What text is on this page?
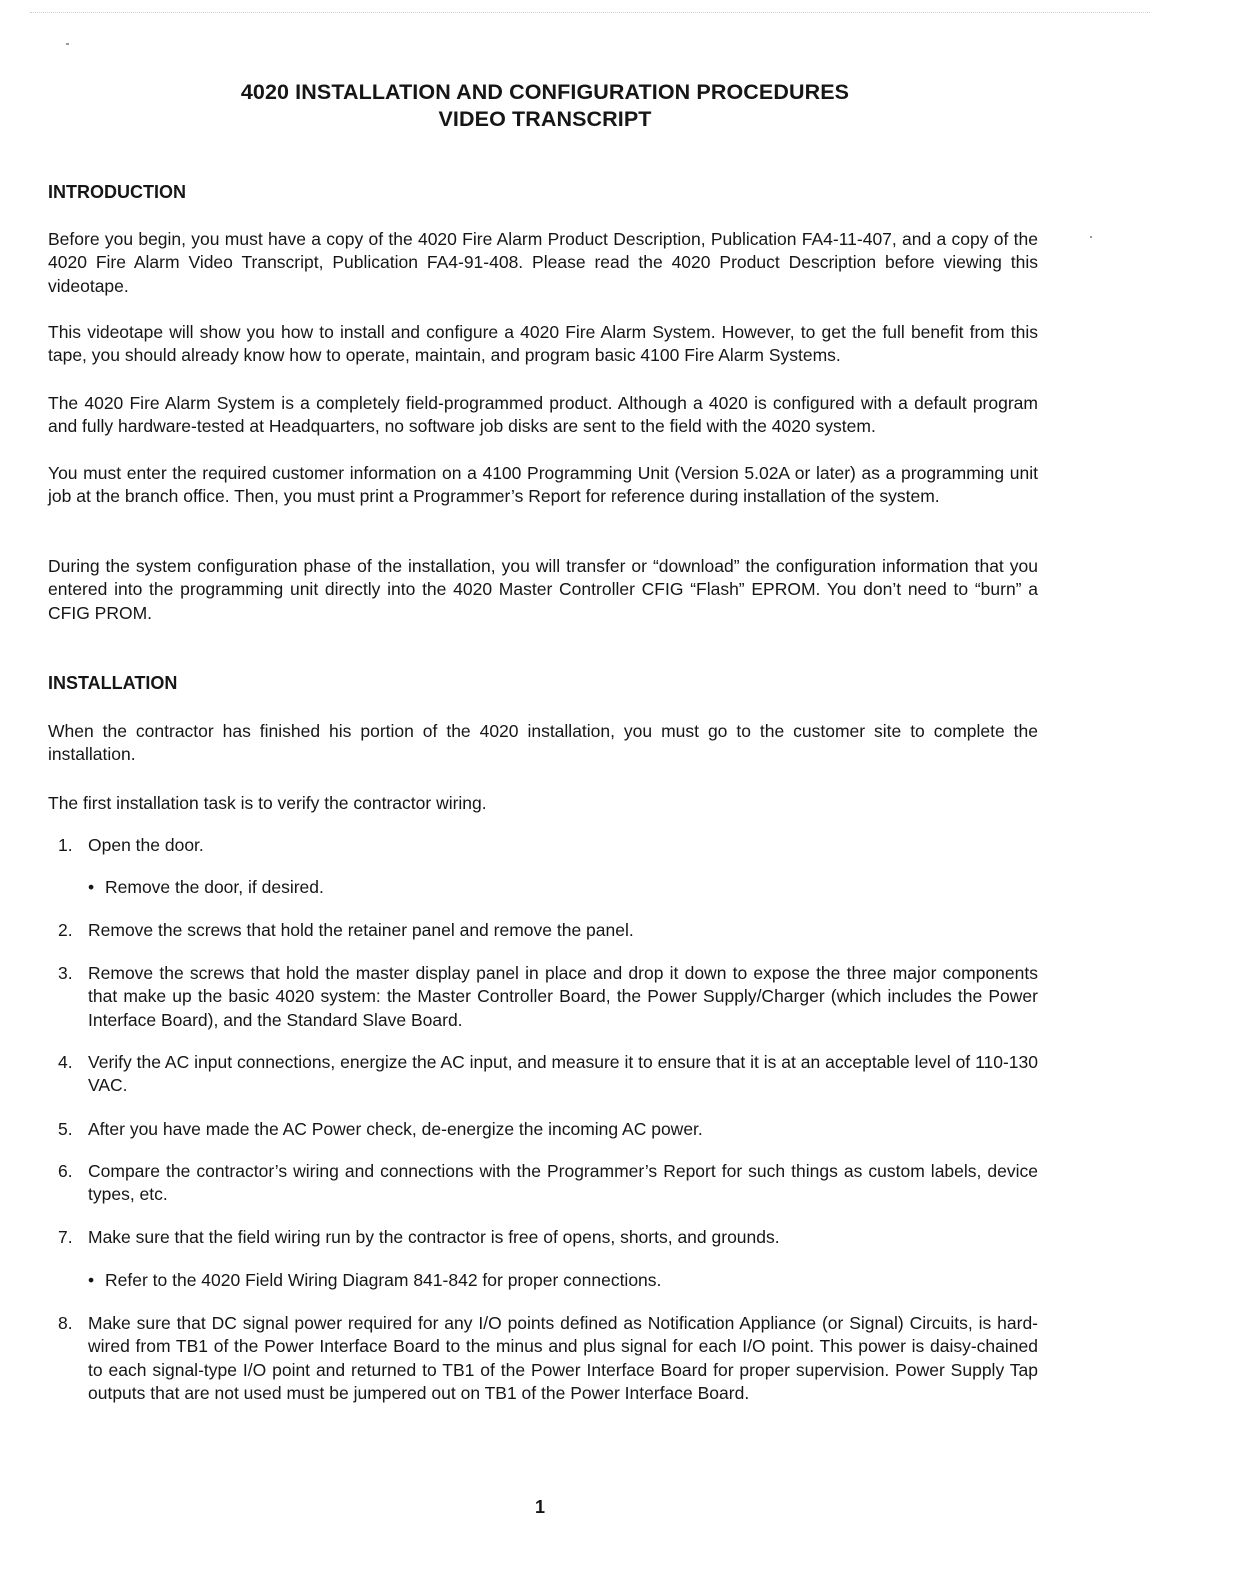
4020 INSTALLATION AND CONFIGURATION PROCEDURES
VIDEO TRANSCRIPT
INTRODUCTION

Before you begin, you must have a copy of the 4020 Fire Alarm Product Description, Publication FA4-11-407, and a copy of the 4020 Fire Alarm Video Transcript, Publication FA4-91-408. Please read the 4020 Product Description before viewing this videotape.

This videotape will show you how to install and configure a 4020 Fire Alarm System. However, to get the full benefit from this tape, you should already know how to operate, maintain, and program basic 4100 Fire Alarm Systems.

The 4020 Fire Alarm System is a completely field-programmed product. Although a 4020 is configured with a default program and fully hardware-tested at Headquarters, no software job disks are sent to the field with the 4020 system.

You must enter the required customer information on a 4100 Programming Unit (Version 5.02A or later) as a programming unit job at the branch office. Then, you must print a Programmer’s Report for reference during installation of the system.

During the system configuration phase of the installation, you will transfer or “download” the configuration information that you entered into the programming unit directly into the 4020 Master Controller CFIG “Flash” EPROM. You don’t need to “burn” a CFIG PROM.

INSTALLATION

When the contractor has finished his portion of the 4020 installation, you must go to the customer site to complete the installation.

The first installation task is to verify the contractor wiring.

1. Open the door.

• Remove the door, if desired.

2. Remove the screws that hold the retainer panel and remove the panel.
3. Remove the screws that hold the master display panel in place and drop it down to expose the three major components that make up the basic 4020 system: the Master Controller Board, the Power Supply/Charger (which includes the Power Interface Board), and the Standard Slave Board.
4. Verify the AC input connections, energize the AC input, and measure it to ensure that it is at an acceptable level of 110-130 VAC.
5. After you have made the AC Power check, de-energize the incoming AC power.
6. Compare the contractor’s wiring and connections with the Programmer’s Report for such things as custom labels, device types, etc.
7. Make sure that the field wiring run by the contractor is free of opens, shorts, and grounds.

• Refer to the 4020 Field Wiring Diagram 841-842 for proper connections.

8. Make sure that DC signal power required for any I/O points defined as Notification Appliance (or Signal) Circuits, is hard-wired from TB1 of the Power Interface Board to the minus and plus signal for each I/O point. This power is daisy-chained to each signal-type I/O point and returned to TB1 of the Power Interface Board for proper supervision. Power Supply Tap outputs that are not used must be jumpered out on TB1 of the Power Interface Board.
1
